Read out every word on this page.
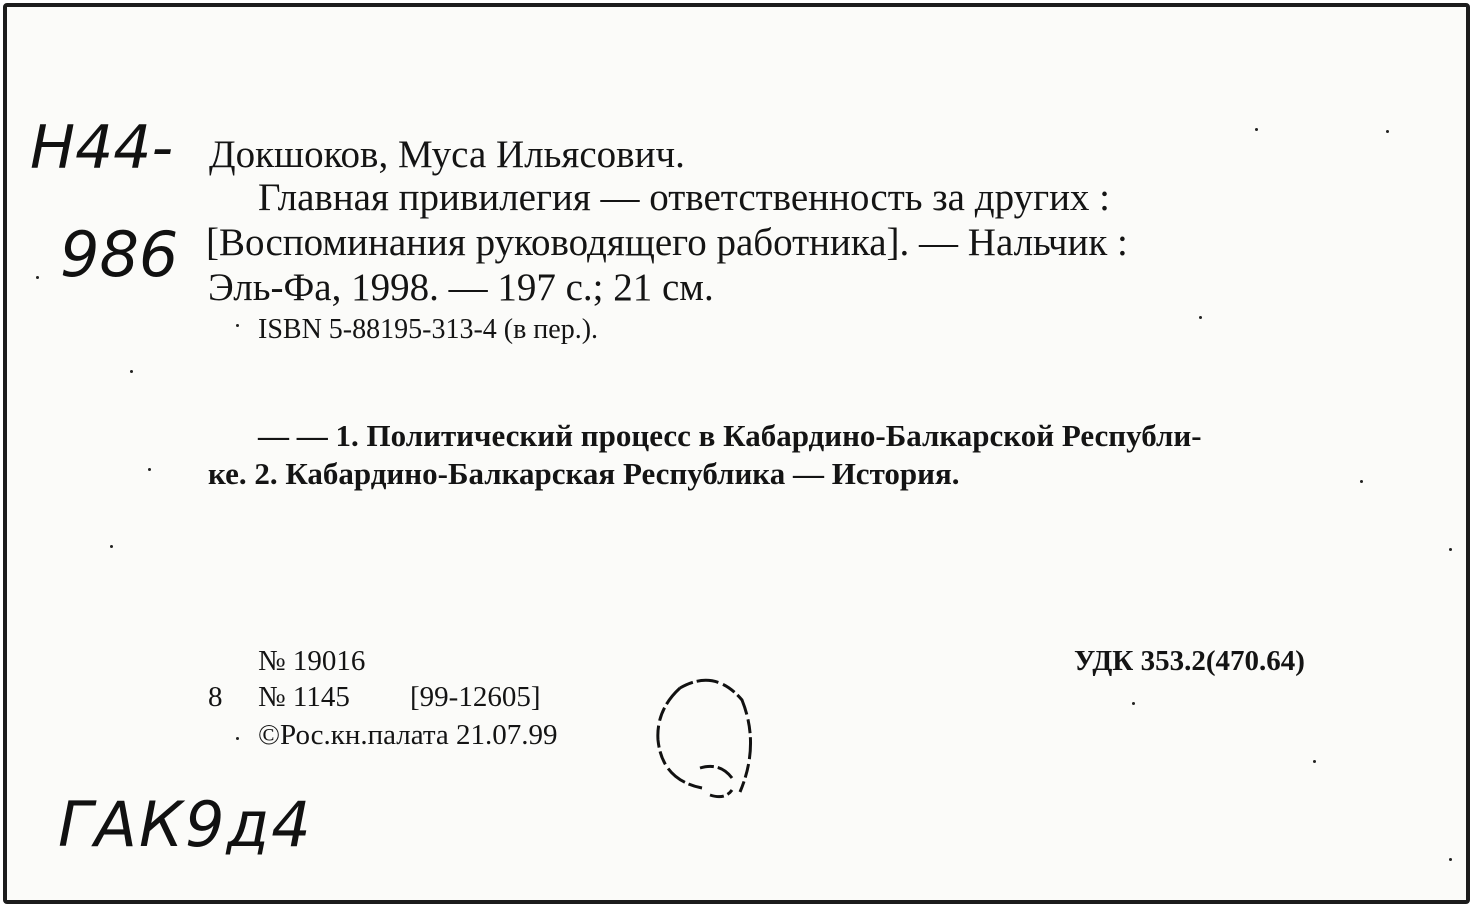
Н44-
986
Докшоков, Муса Ильясович.
Главная привилегия — ответственность за других :
[Воспоминания руководящего работника]. — Нальчик :
Эль-Фа, 1998. — 197 с.; 21 см.
ISBN 5-88195-313-4 (в пер.).
— — 1. Политический процесс в Кабардино-Балкарской Республи-
ке. 2. Кабардино-Балкарская Республика — История.
№ 19016
8 № 1145 [99-12605]
©Рос.кн.палата 21.07.99
УДК 353.2(470.64)
ГАК9д4
